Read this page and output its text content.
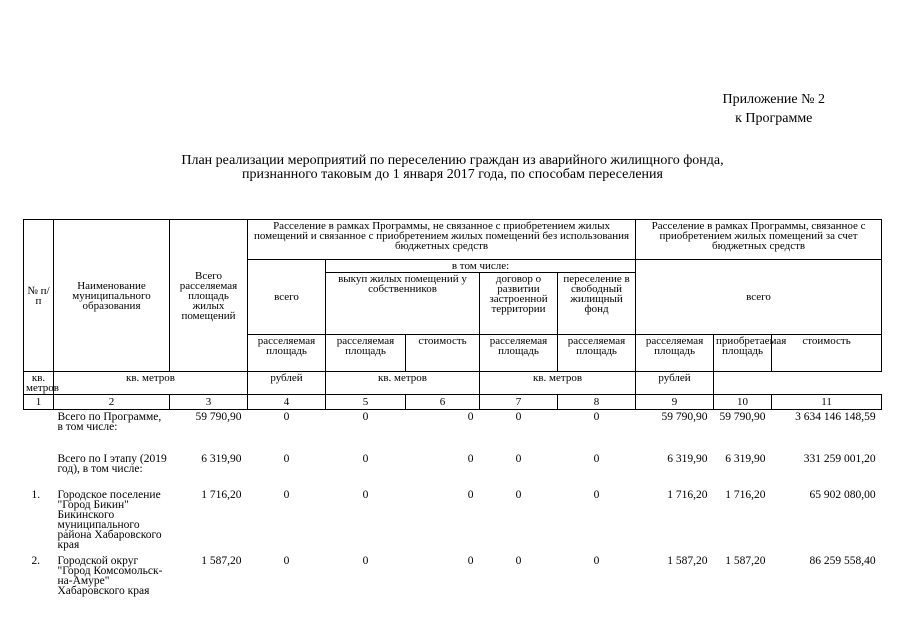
Приложение № 2
к Программе
План реализации мероприятий по переселению граждан из аварийного жилищного фонда,
признанного таковым до 1 января 2017 года, по способам переселения
№ п/п	Наименование муниципального образования	Всего расселяемая площадь жилых помещений	Расселение в рамках Программы, не связанное с приобретением жилых помещений и связанное с приобретением жилых помещений без использования бюджетных средств					Расселение в рамках Программы, связанное с приобретением жилых помещений за счет бюджетных средств		
			всего	в том числе:				всего		
				выкуп жилых помещений у собственников		договор о развитии застроенной территории	переселение в свободный жилищный фонд			
			расселяемая площадь	расселяемая площадь	стоимость	расселяемая площадь	расселяемая площадь	расселяемая площадь	приобретаемая площадь	стоимость
кв. метров	кв. метров		рублей	кв. метров		кв. метров		рублей		
1	2	3	4	5	6	7	8	9	10	11
	Всего по Программе, в том числе:	59 790,90	0	0	0	0	0	59 790,90	59 790,90	3 634 146 148,59
	Всего по I этапу (2019 год), в том числе:	6 319,90	0	0	0	0	0	6 319,90	6 319,90	331 259 001,20
1.	Городское поселение "Город Бикин" Бикинского муниципального района Хабаровского края	1 716,20	0	0	0	0	0	1 716,20	1 716,20	65 902 080,00
2.	Городской округ "Город Комсомольск-на-Амуре" Хабаровского края	1 587,20	0	0	0	0	0	1 587,20	1 587,20	86 259 558,40
